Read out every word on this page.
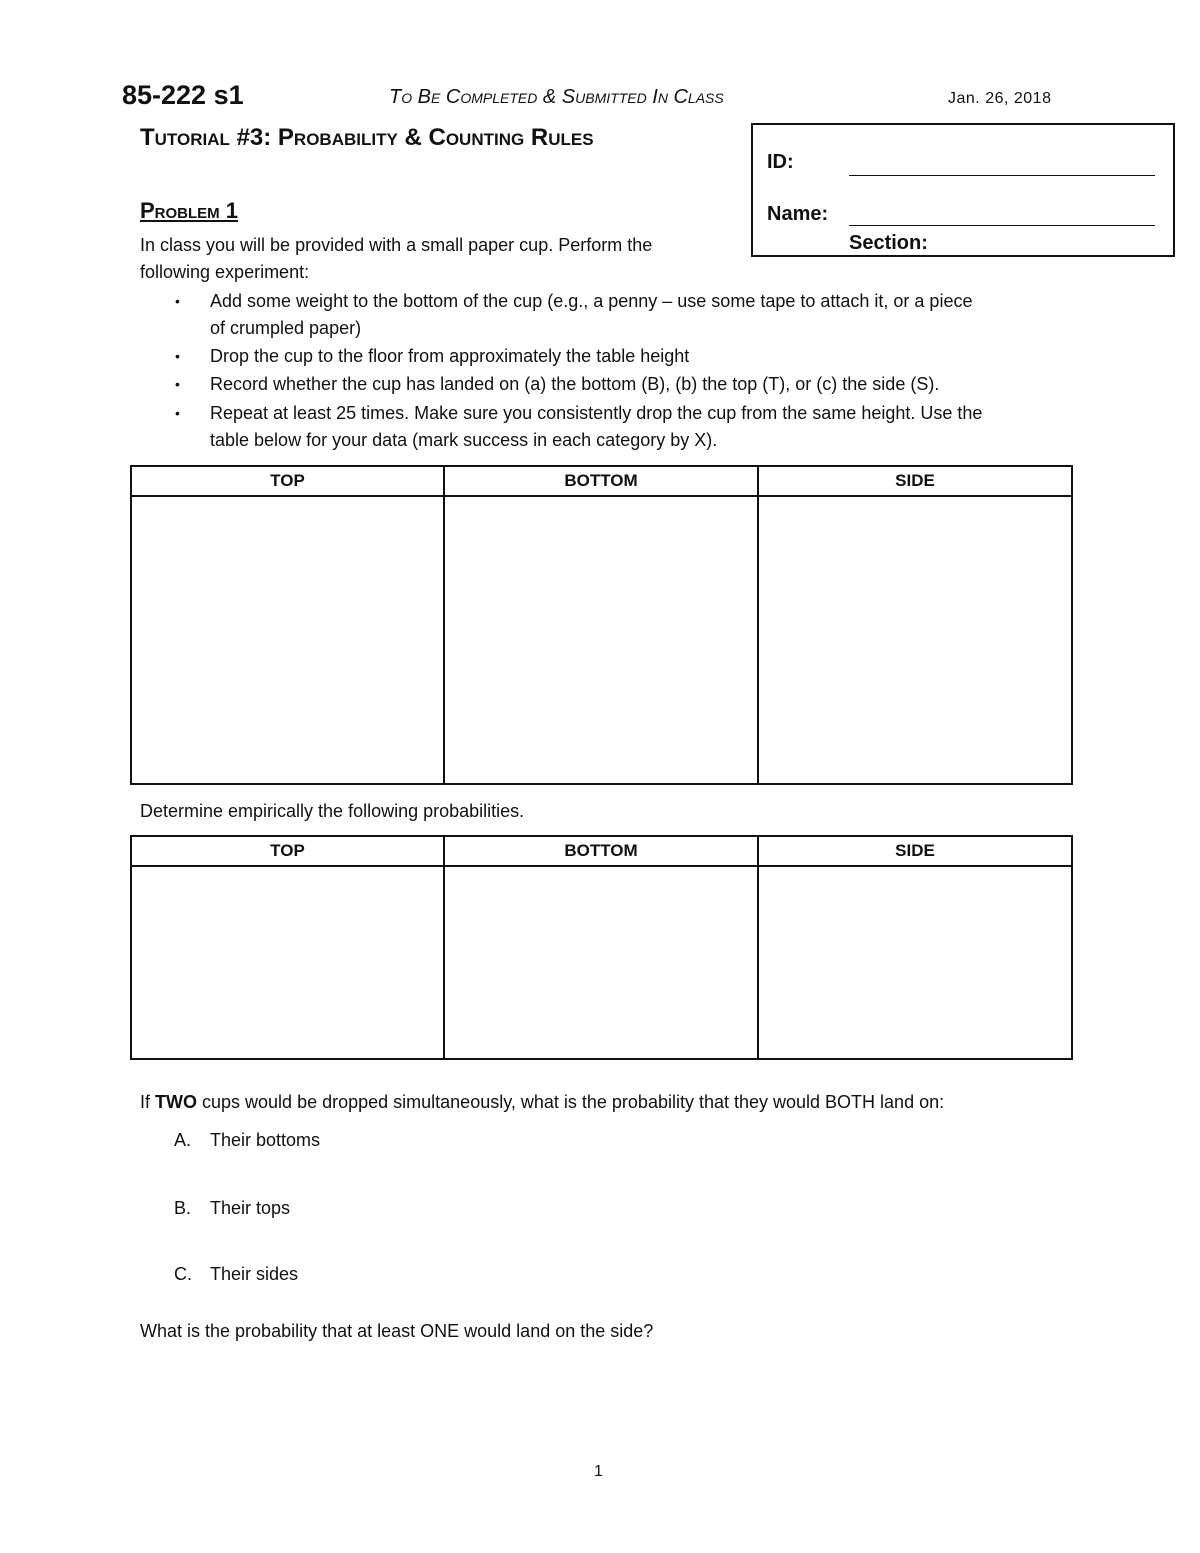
85-222 s1	To Be Completed & Submitted In Class	Jan. 26, 2018
Tutorial #3: Probability & Counting Rules
ID:
Name:
Section:
Problem 1
In class you will be provided with a small paper cup. Perform the
following experiment:
• Add some weight to the bottom of the cup (e.g., a penny – use some tape to attach it, or a piece
of crumpled paper)
• Drop the cup to the floor from approximately the table height
• Record whether the cup has landed on (a) the bottom (B), (b) the top (T), or (c) the side (S).
• Repeat at least 25 times. Make sure you consistently drop the cup from the same height. Use the
table below for your data (mark success in each category by X).
TOP	BOTTOM	SIDE

Determine empirically the following probabilities.
TOP	BOTTOM	SIDE

If TWO cups would be dropped simultaneously, what is the probability that they would BOTH land on:
A. Their bottoms
B. Their tops
C. Their sides
What is the probability that at least ONE would land on the side?
1
